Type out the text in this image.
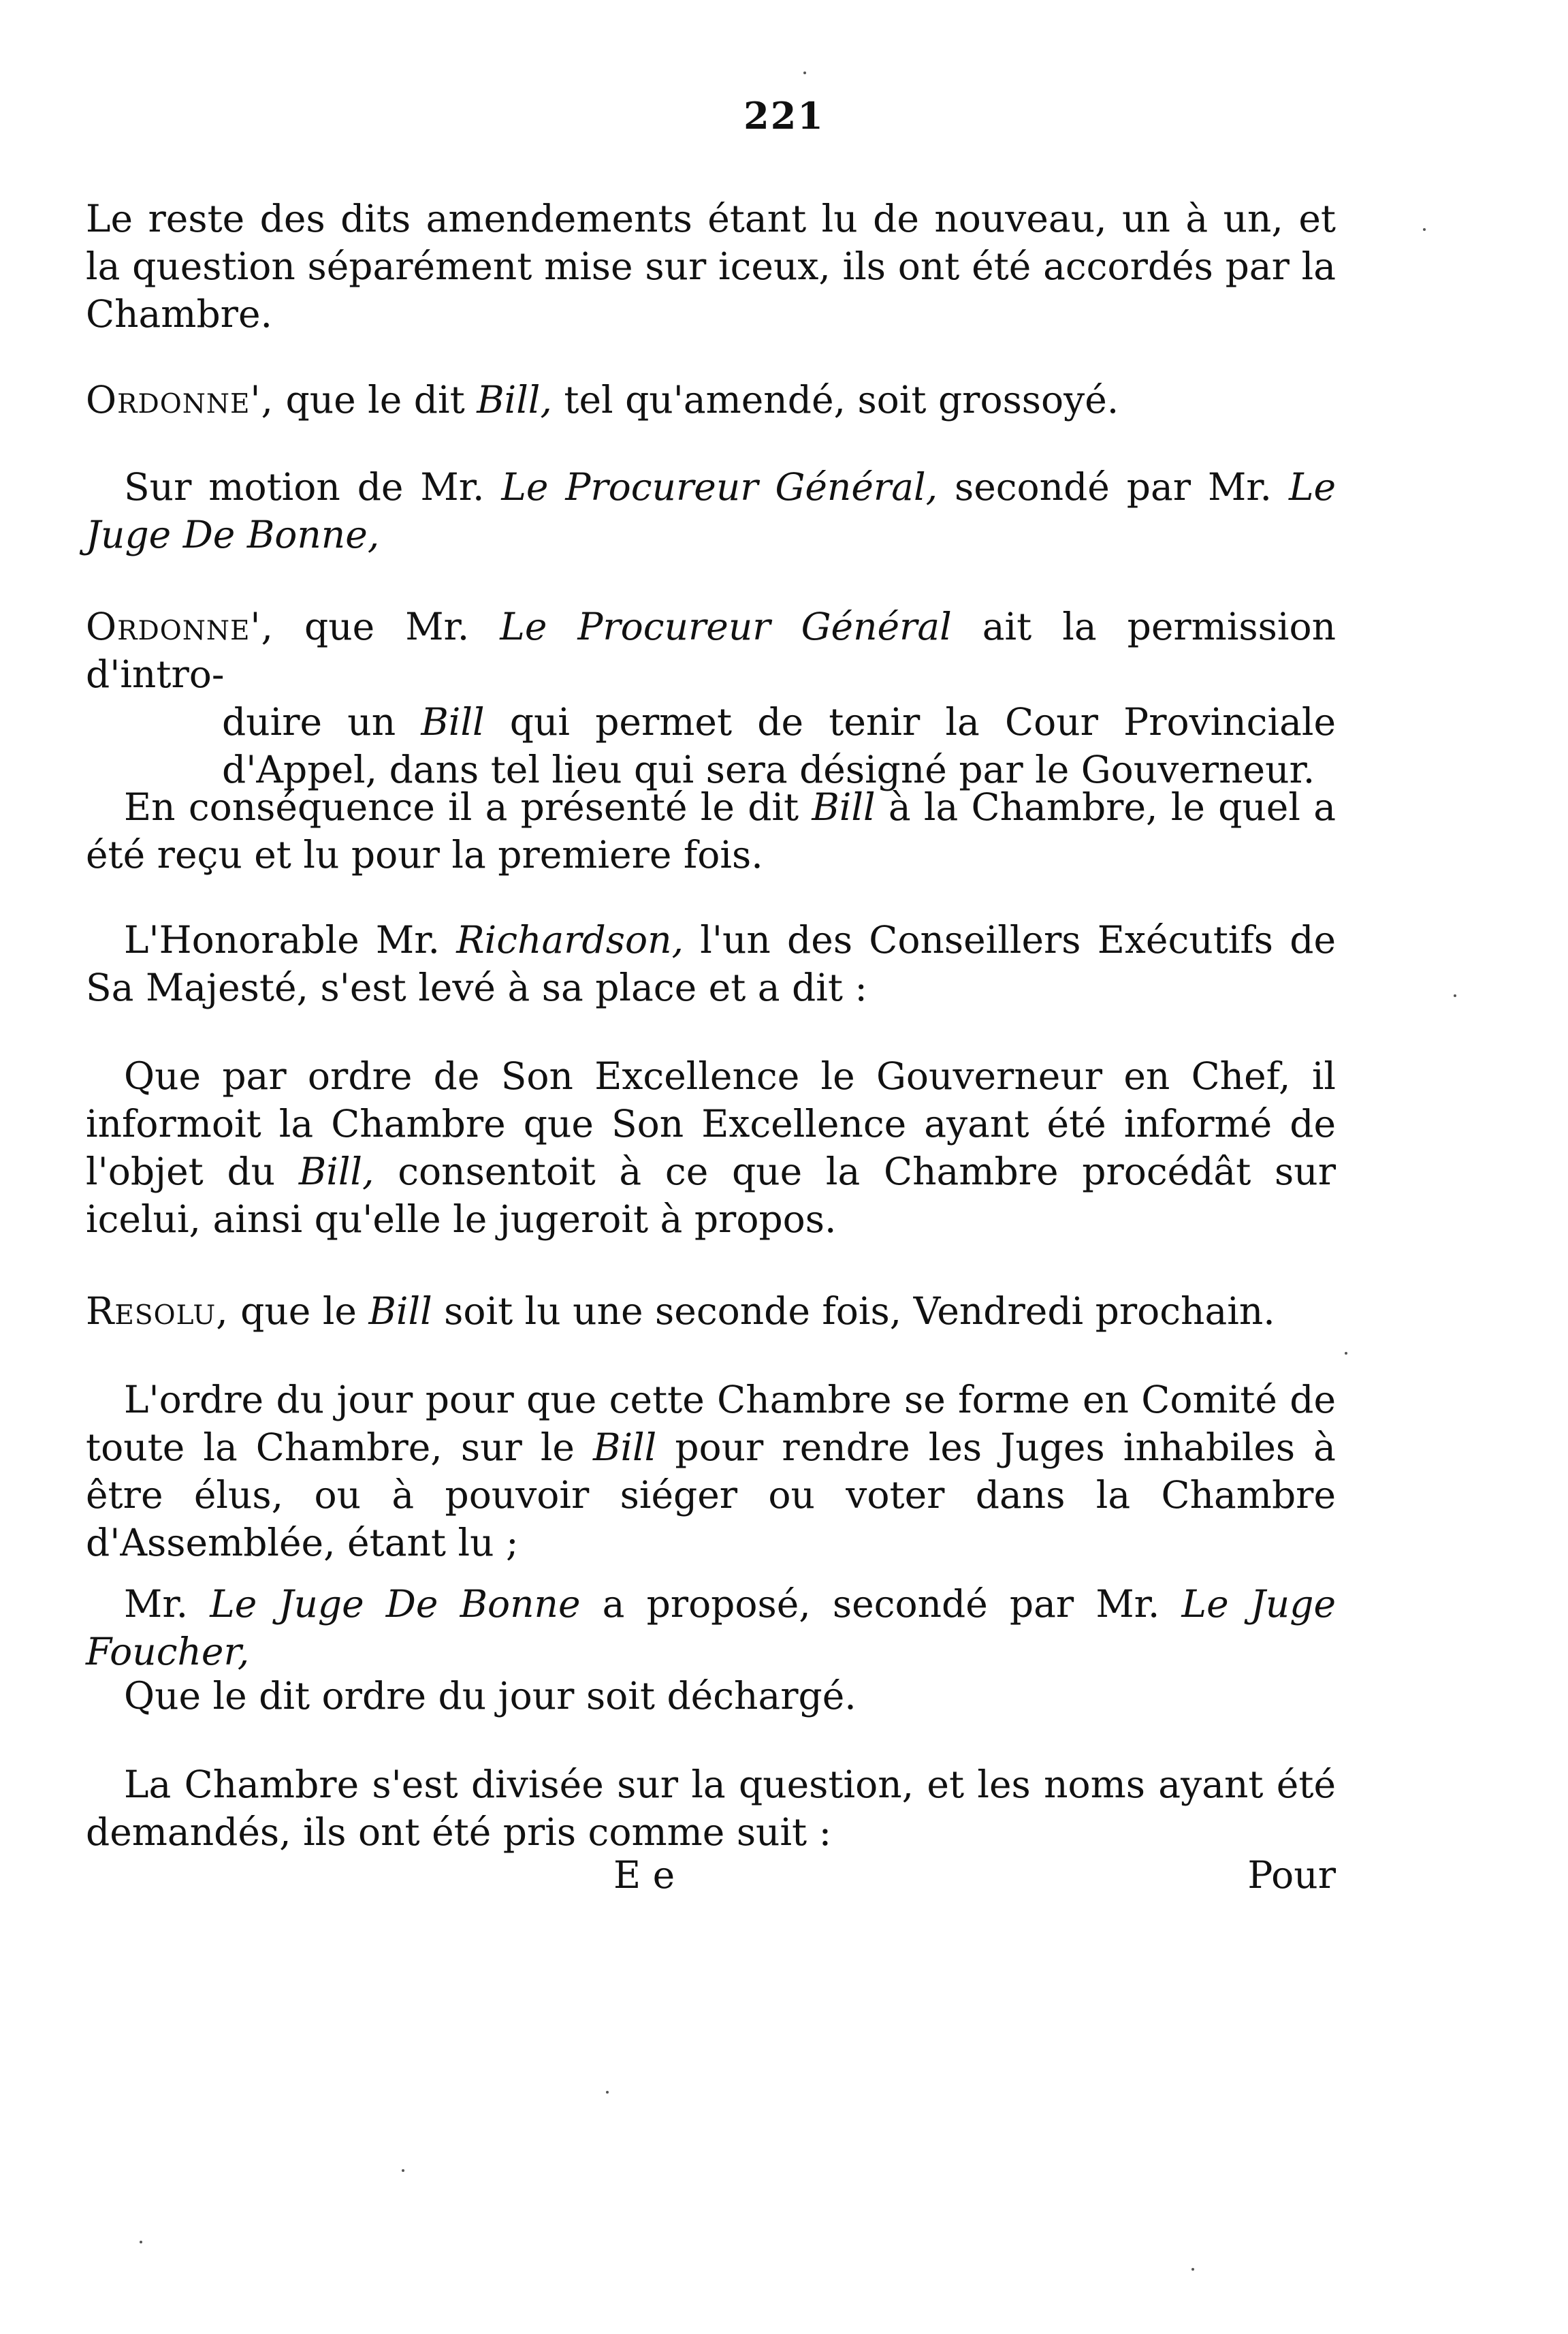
221
Le reste des dits amendements étant lu de nouveau, un à un, et la question séparément mise sur iceux, ils ont été accordés par la Chambre.
Ordonne', que le dit Bill, tel qu'amendé, soit grossoyé.
Sur motion de Mr. Le Procureur Général, secondé par Mr. Le Juge De Bonne,
Ordonne', que Mr. Le Procureur Général ait la permission d'intro-
duire un Bill qui permet de tenir la Cour Provinciale d'Appel, dans tel lieu qui sera désigné par le Gouverneur.
En conséquence il a présenté le dit Bill à la Chambre, le quel a été reçu et lu pour la premiere fois.
L'Honorable Mr. Richardson, l'un des Conseillers Exécutifs de Sa Majesté, s'est levé à sa place et a dit :
Que par ordre de Son Excellence le Gouverneur en Chef, il informoit la Chambre que Son Excellence ayant été informé de l'objet du Bill, consentoit à ce que la Chambre procédât sur icelui, ainsi qu'elle le jugeroit à propos.
Resolu, que le Bill soit lu une seconde fois, Vendredi prochain.
L'ordre du jour pour que cette Chambre se forme en Comité de toute la Chambre, sur le Bill pour rendre les Juges inhabiles à être élus, ou à pouvoir siéger ou voter dans la Chambre d'Assemblée, étant lu ;
Mr. Le Juge De Bonne a proposé, secondé par Mr. Le Juge Foucher,
Que le dit ordre du jour soit déchargé.
La Chambre s'est divisée sur la question, et les noms ayant été demandés, ils ont été pris comme suit :
E e	Pour
